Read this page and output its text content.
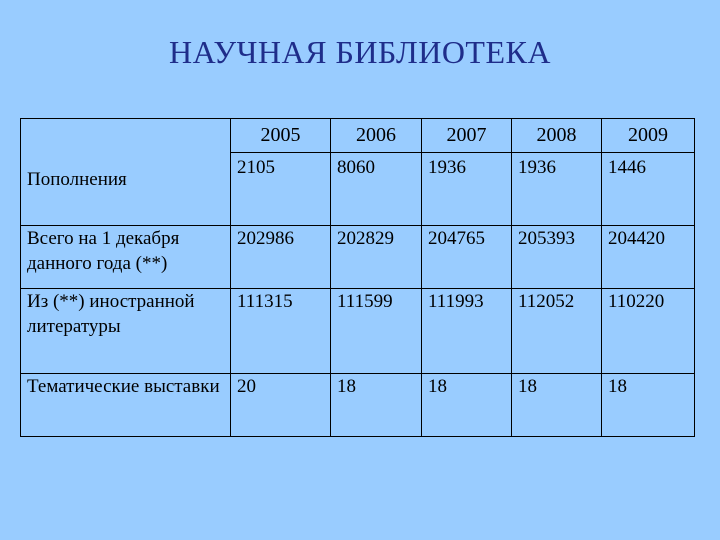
НАУЧНАЯ БИБЛИОТЕКА
	2005	2006	2007	2008	2009
Пополнения	2105	8060	1936	1936	1446
Всего на 1 декабря данного года (**)	202986	202829	204765	205393	204420
Из (**) иностранной литературы	111315	111599	111993	112052	110220
Тематические выставки	20	18	18	18	18
